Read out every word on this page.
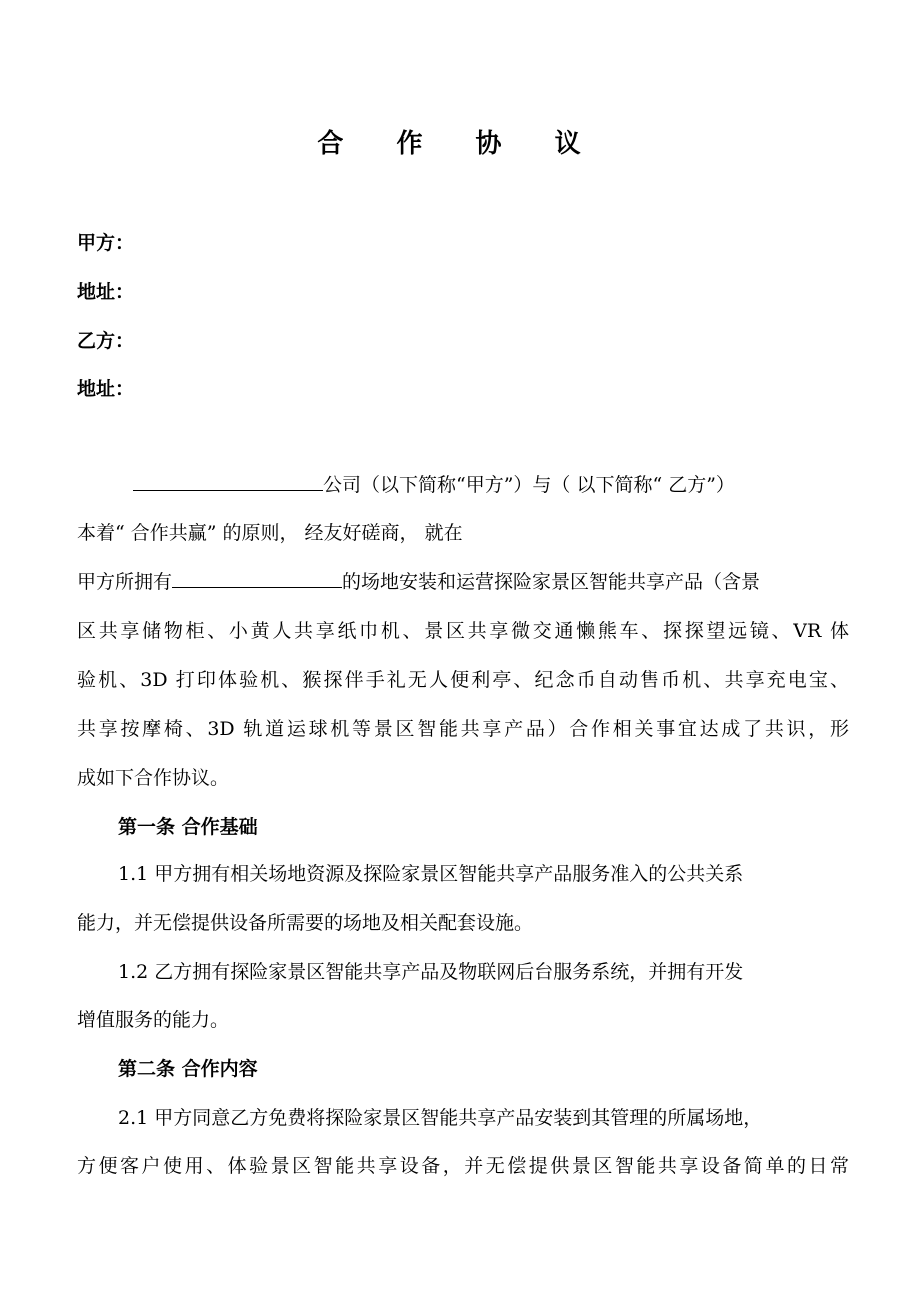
合 作 协 议
甲方：
地址：
乙方：
地址：
公司（以下简称“甲方”）与（ 以下简称“ 乙方”）
本着“ 合作共赢” 的原则， 经友好磋商， 就在
甲方所拥有	的场地安装和运营探险家景区智能共享产品（含景
区共享储物柜、小黄人共享纸巾机、景区共享微交通懒熊车、探探望远镜、VR 体
验机、3D 打印体验机、猴探伴手礼无人便利亭、纪念币自动售币机、共享充电宝、
共享按摩椅、3D 轨道运球机等景区智能共享产品）合作相关事宜达成了共识，形
成如下合作协议。
第一条 合作基础
1.1 甲方拥有相关场地资源及探险家景区智能共享产品服务准入的公共关系
能力，并无偿提供设备所需要的场地及相关配套设施。
1.2 乙方拥有探险家景区智能共享产品及物联网后台服务系统，并拥有开发
增值服务的能力。
第二条 合作内容
2.1 甲方同意乙方免费将探险家景区智能共享产品安装到其管理的所属场地，
方便客户使用、体验景区智能共享设备，并无偿提供景区智能共享设备简单的日常
